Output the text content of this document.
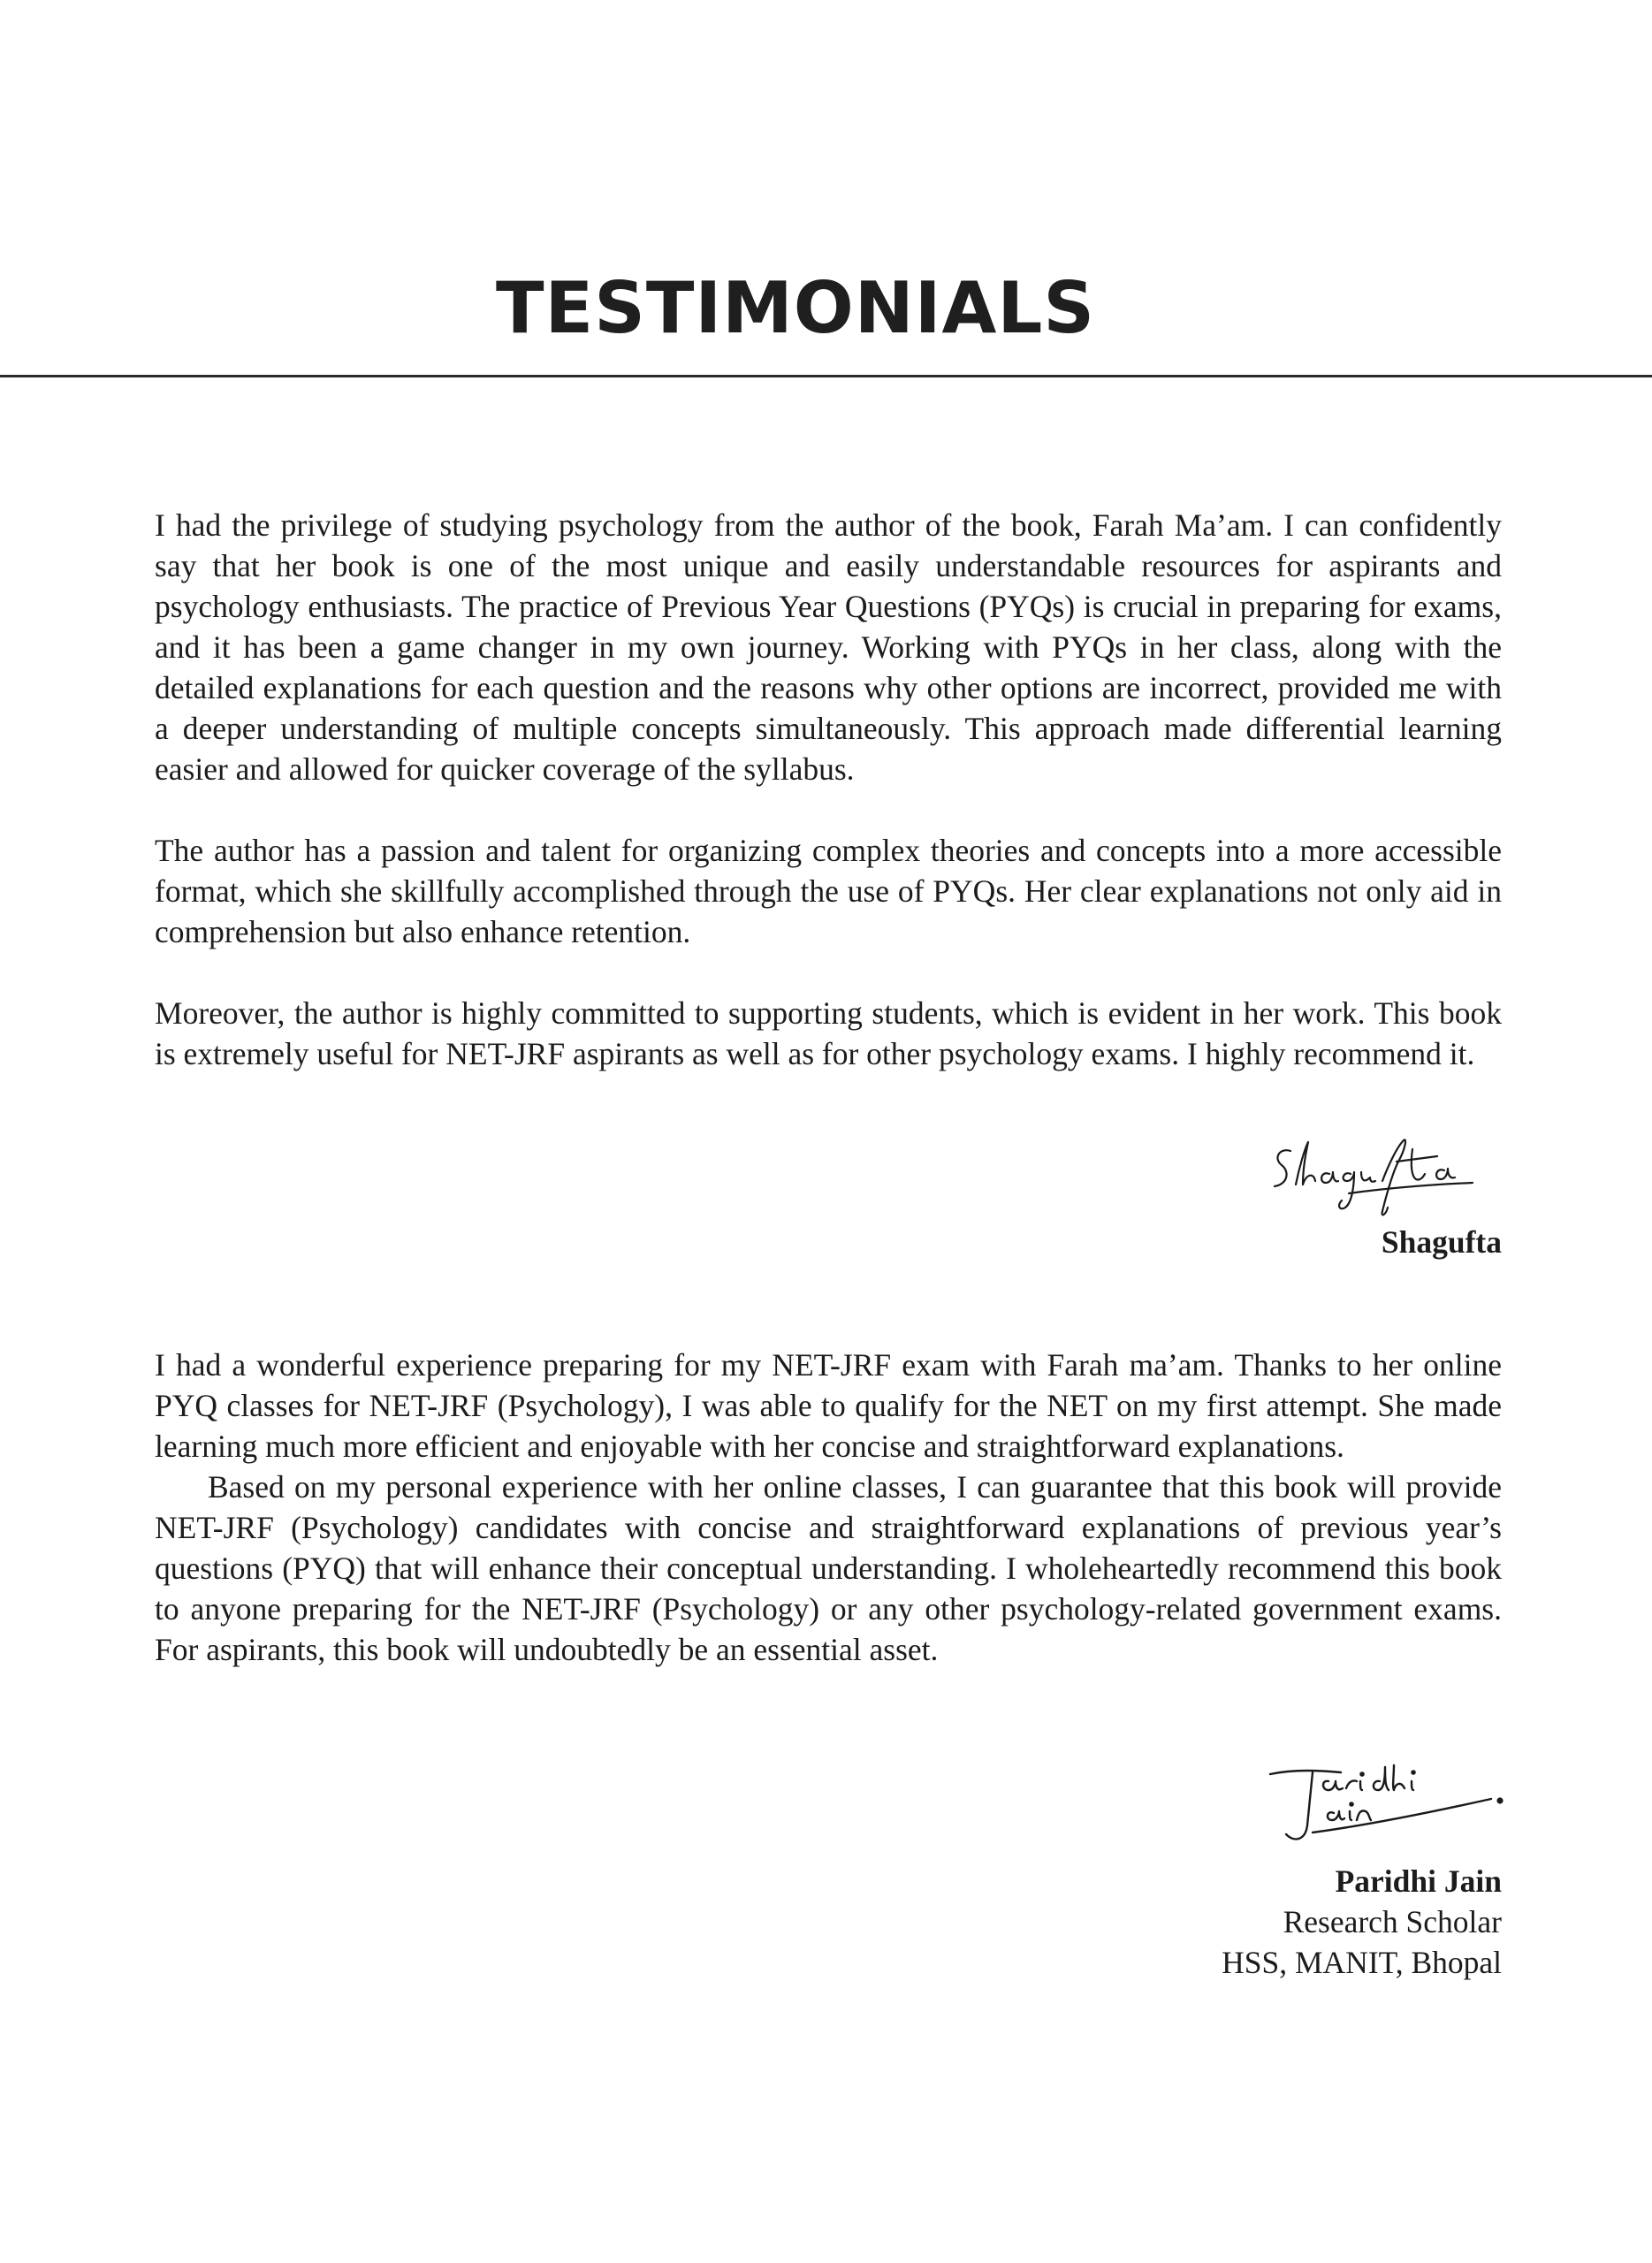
TESTIMONIALS

I had the privilege of studying psychology from the author of the book, Farah Ma’am. I can confidently say that her book is one of the most unique and easily understandable resources for aspirants and psychology enthusiasts. The practice of Previous Year Questions (PYQs) is crucial in preparing for exams, and it has been a game changer in my own journey. Working with PYQs in her class, along with the detailed explanations for each question and the reasons why other options are incorrect, provided me with a deeper understanding of multiple concepts simultaneously. This approach made differential learning easier and allowed for quicker coverage of the syllabus.

The author has a passion and talent for organizing complex theories and concepts into a more accessible format, which she skillfully accomplished through the use of PYQs. Her clear explanations not only aid in comprehension but also enhance retention.

Moreover, the author is highly committed to supporting students, which is evident in her work. This book is extremely useful for NET-JRF aspirants as well as for other psychology exams. I highly recommend it.

Shagufta

I had a wonderful experience preparing for my NET-JRF exam with Farah ma’am. Thanks to her online PYQ classes for NET-JRF (Psychology), I was able to qualify for the NET on my first attempt. She made learning much more efficient and enjoyable with her concise and straightforward explanations.

Based on my personal experience with her online classes, I can guarantee that this book will provide NET-JRF (Psychology) candidates with concise and straightforward explanations of previous year’s questions (PYQ) that will enhance their conceptual understanding. I wholeheartedly recommend this book to anyone preparing for the NET-JRF (Psychology) or any other psychology-related government exams. For aspirants, this book will undoubtedly be an essential asset.

Paridhi Jain
Research Scholar
HSS, MANIT, Bhopal
